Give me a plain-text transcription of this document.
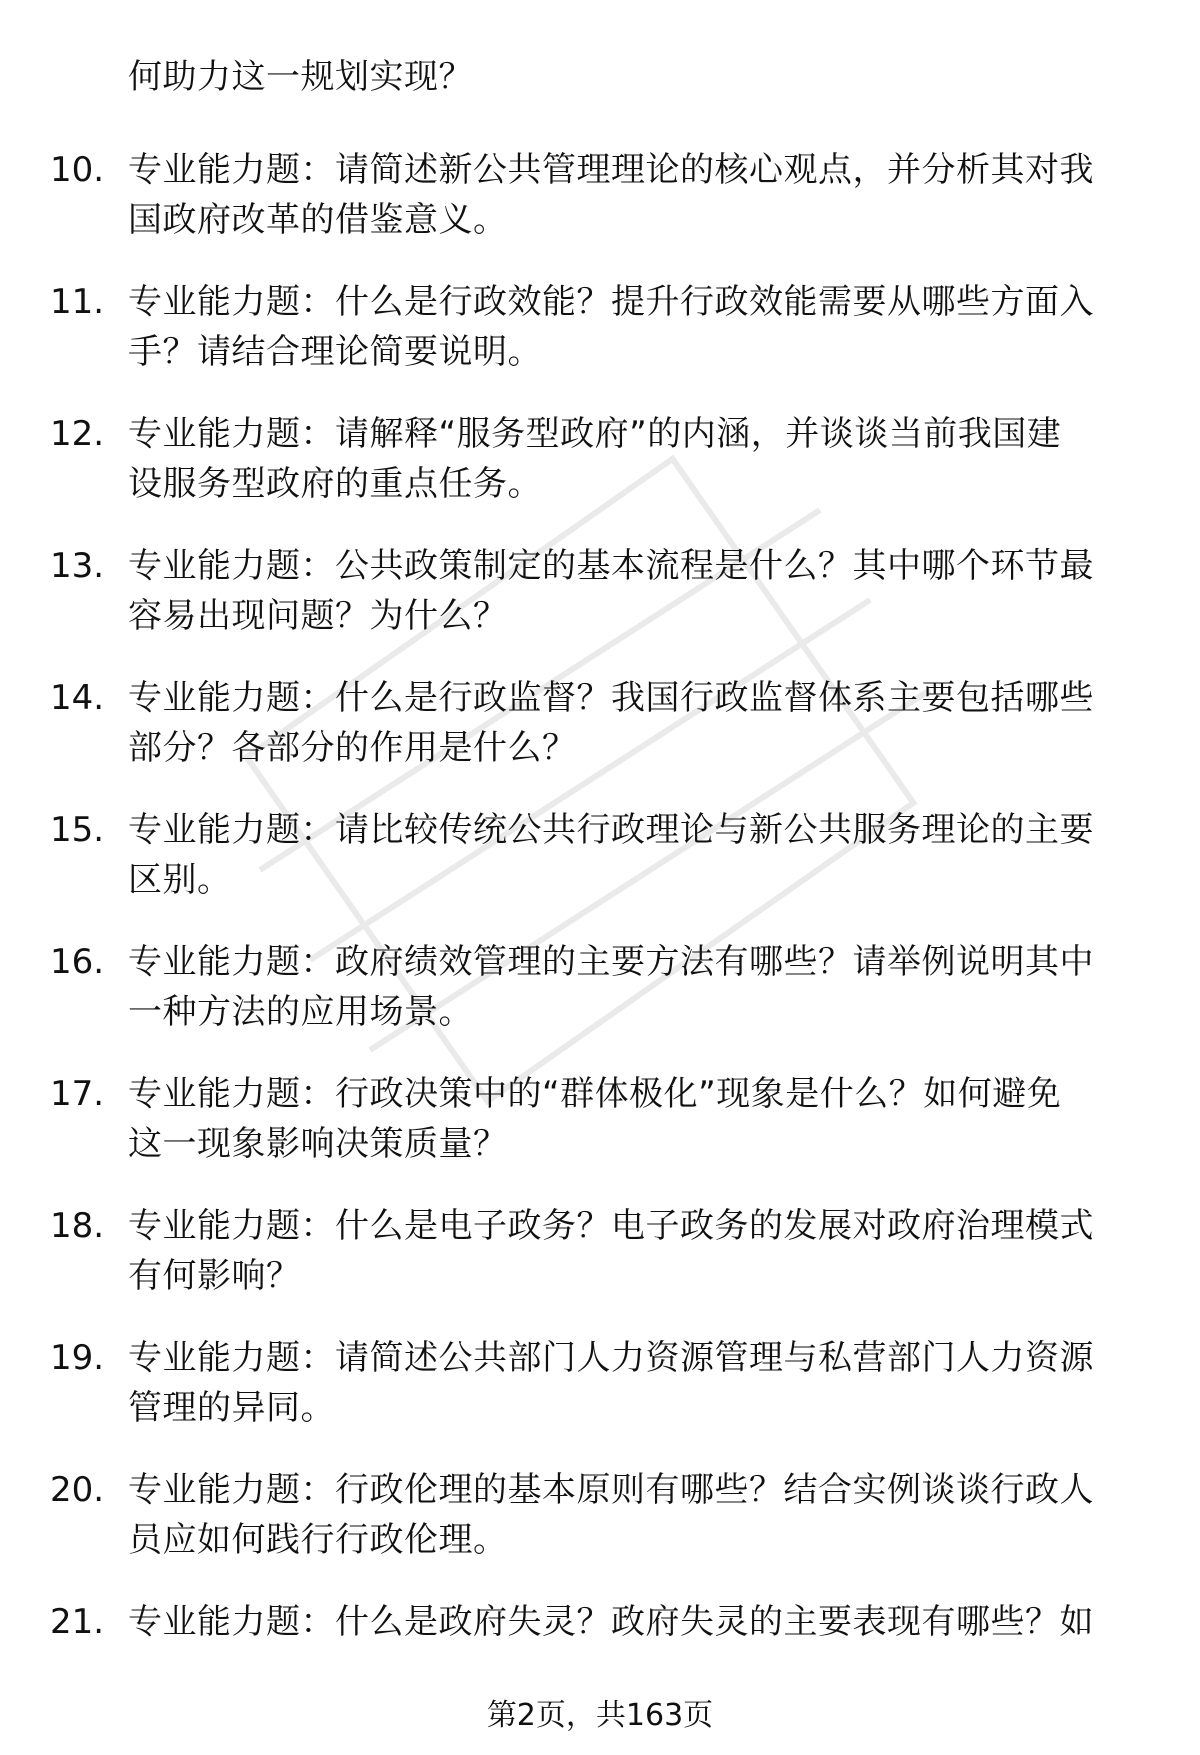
何助力这一规划实现？
10. 专业能力题：请简述新公共管理理论的核心观点，并分析其对我
国政府改革的借鉴意义。
11. 专业能力题：什么是行政效能？提升行政效能需要从哪些方面入
手？请结合理论简要说明。
12. 专业能力题：请解释“服务型政府”的内涵，并谈谈当前我国建
设服务型政府的重点任务。
13. 专业能力题：公共政策制定的基本流程是什么？其中哪个环节最
容易出现问题？为什么？
14. 专业能力题：什么是行政监督？我国行政监督体系主要包括哪些
部分？各部分的作用是什么？
15. 专业能力题：请比较传统公共行政理论与新公共服务理论的主要
区别。
16. 专业能力题：政府绩效管理的主要方法有哪些？请举例说明其中
一种方法的应用场景。
17. 专业能力题：行政决策中的“群体极化”现象是什么？如何避免
这一现象影响决策质量？
18. 专业能力题：什么是电子政务？电子政务的发展对政府治理模式
有何影响？
19. 专业能力题：请简述公共部门人力资源管理与私营部门人力资源
管理的异同。
20. 专业能力题：行政伦理的基本原则有哪些？结合实例谈谈行政人
员应如何践行行政伦理。
21. 专业能力题：什么是政府失灵？政府失灵的主要表现有哪些？如
第2页，共163页
